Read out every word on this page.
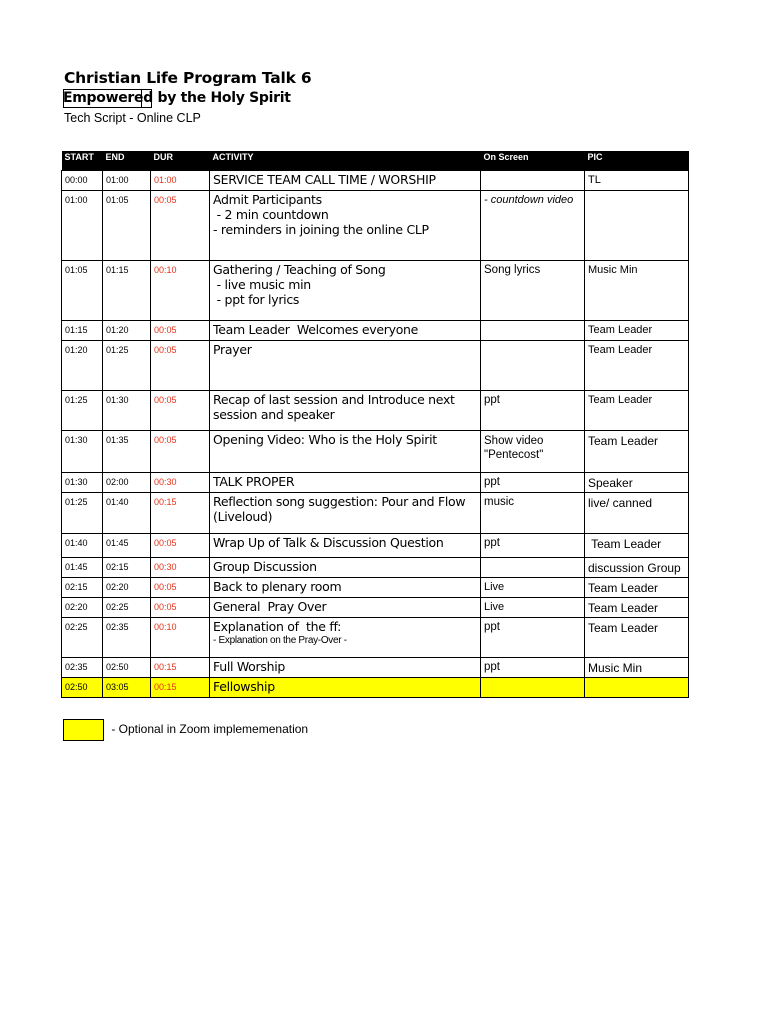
Christian Life Program Talk 6
Empowered by the Holy Spirit
Tech Script - Online CLP
START	END	DUR	ACTIVITY	On Screen	PIC
00:00	01:00	01:00	SERVICE TEAM CALL TIME / WORSHIP		TL
01:00	01:05	00:05	Admit Participants
- 2 min countdown
- reminders in joining the online CLP	- countdown video	
01:05	01:15	00:10	Gathering / Teaching of Song
- live music min
- ppt for lyrics	Song lyrics	Music Min
01:15	01:20	00:05	Team Leader  Welcomes everyone		Team Leader
01:20	01:25	00:05	Prayer		Team Leader
01:25	01:30	00:05	Recap of last session and Introduce next session and speaker	ppt	Team Leader
01:30	01:35	00:05	Opening Video: Who is the Holy Spirit	Show video "Pentecost"	Team Leader
01:30	02:00	00:30	TALK PROPER	ppt	Speaker
01:25	01:40	00:15	Reflection song suggestion: Pour and Flow (Liveloud)	music	live/ canned
01:40	01:45	00:05	Wrap Up of Talk & Discussion Question	ppt	Team Leader
01:45	02:15	00:30	Group Discussion		discussion Group
02:15	02:20	00:05	Back to plenary room	Live	Team Leader
02:20	02:25	00:05	General  Pray Over	Live	Team Leader
02:25	02:35	00:10	Explanation of  the ff:
- Explanation on the Pray-Over -	ppt	Team Leader
02:35	02:50	00:15	Full Worship	ppt	Music Min
02:50	03:05	00:15	Fellowship		

- Optional in Zoom implememenation
